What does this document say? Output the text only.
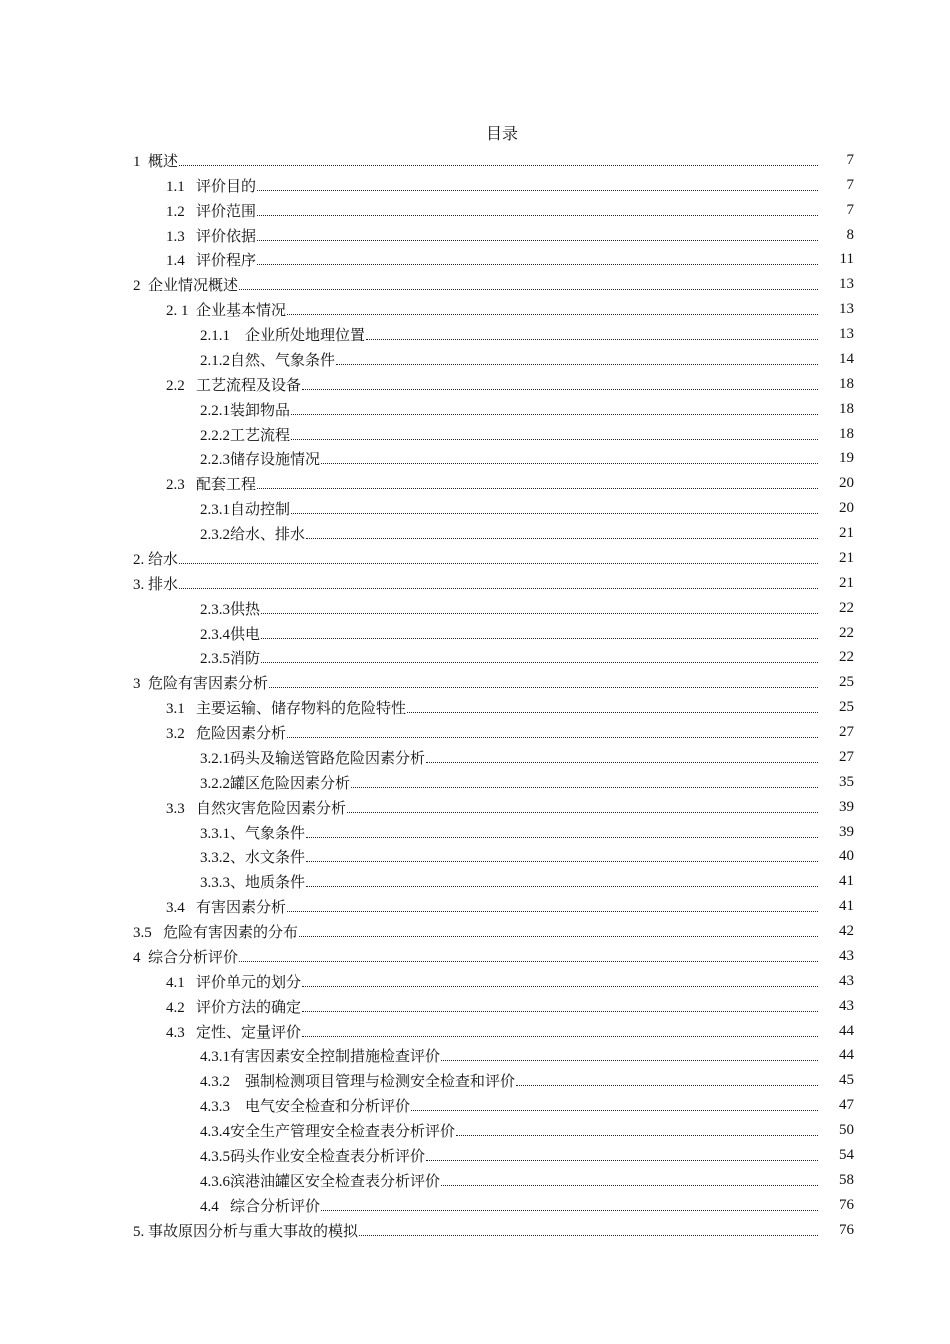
目录
1  概述	7
1.1   评价目的	7
1.2   评价范围	7
1.3   评价依据	8
1.4   评价程序	11
2  企业情况概述	13
2. 1  企业基本情况	13
2.1.1    企业所处地理位置	13
2.1.2自然、气象条件	14
2.2   工艺流程及设备	18
2.2.1装卸物品	18
2.2.2工艺流程	18
2.2.3储存设施情况	19
2.3   配套工程	20
2.3.1自动控制	20
2.3.2给水、排水	21
2. 给水	21
3. 排水	21
2.3.3供热	22
2.3.4供电	22
2.3.5消防	22
3  危险有害因素分析	25
3.1   主要运输、储存物料的危险特性	25
3.2   危险因素分析	27
3.2.1码头及输送管路危险因素分析	27
3.2.2罐区危险因素分析	35
3.3   自然灾害危险因素分析	39
3.3.1、气象条件	39
3.3.2、水文条件	40
3.3.3、地质条件	41
3.4   有害因素分析	41
3.5   危险有害因素的分布	42
4  综合分析评价	43
4.1   评价单元的划分	43
4.2   评价方法的确定	43
4.3   定性、定量评价	44
4.3.1有害因素安全控制措施检查评价	44
4.3.2    强制检测项目管理与检测安全检查和评价	45
4.3.3    电气安全检查和分析评价	47
4.3.4安全生产管理安全检查表分析评价	50
4.3.5码头作业安全检查表分析评价	54
4.3.6滨港油罐区安全检查表分析评价	58
4.4   综合分析评价	76
5. 事故原因分析与重大事故的模拟	76
